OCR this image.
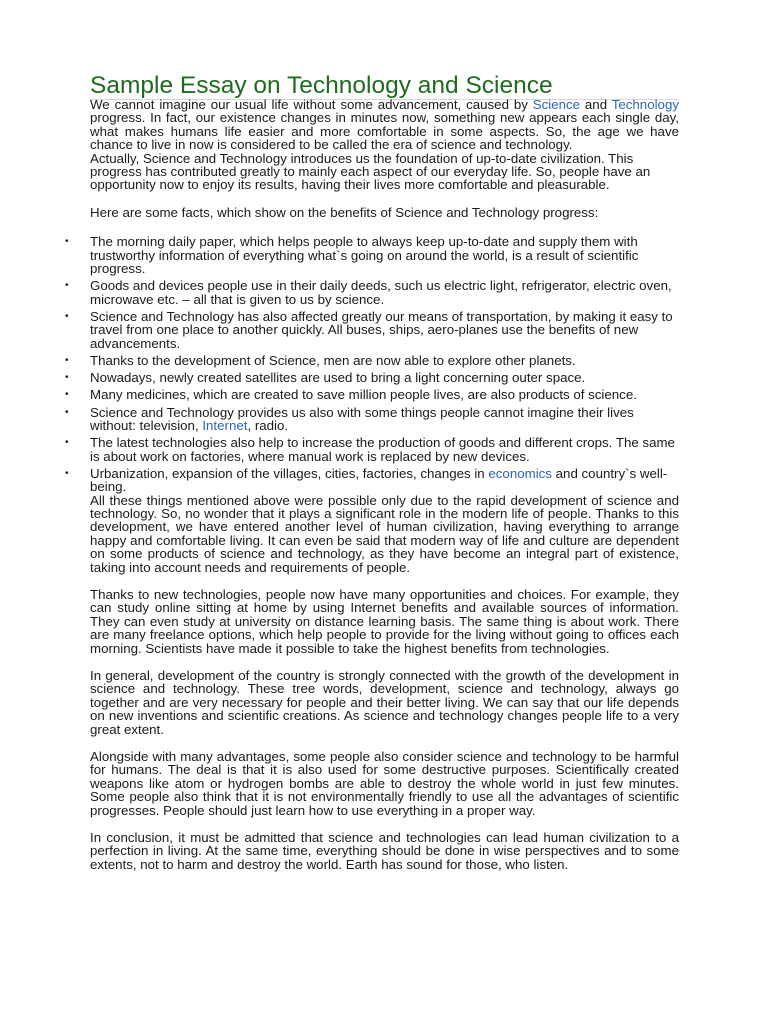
Sample Essay on Technology and Science

We cannot imagine our usual life without some advancement, caused by Science and Technology progress. In fact, our existence changes in minutes now, something new appears each single day, what makes humans life easier and more comfortable in some aspects. So, the age we have chance to live in now is considered to be called the era of science and technology.

Actually, Science and Technology introduces us the foundation of up-to-date civilization. This progress has contributed greatly to mainly each aspect of our everyday life. So, people have an opportunity now to enjoy its results, having their lives more comfortable and pleasurable.

Here are some facts, which show on the benefits of Science and Technology progress:

• The morning daily paper, which helps people to always keep up-to-date and supply them with trustworthy information of everything what`s going on around the world, is a result of scientific progress.
• Goods and devices people use in their daily deeds, such us electric light, refrigerator, electric oven, microwave etc. – all that is given to us by science.
• Science and Technology has also affected greatly our means of transportation, by making it easy to travel from one place to another quickly. All buses, ships, aero-planes use the benefits of new advancements.
• Thanks to the development of Science, men are now able to explore other planets.
• Nowadays, newly created satellites are used to bring a light concerning outer space.
• Many medicines, which are created to save million people lives, are also products of science.
• Science and Technology provides us also with some things people cannot imagine their lives without: television, Internet, radio.
• The latest technologies also help to increase the production of goods and different crops. The same is about work on factories, where manual work is replaced by new devices.
• Urbanization, expansion of the villages, cities, factories, changes in economics and country`s well-being.

All these things mentioned above were possible only due to the rapid development of science and technology. So, no wonder that it plays a significant role in the modern life of people. Thanks to this development, we have entered another level of human civilization, having everything to arrange happy and comfortable living. It can even be said that modern way of life and culture are dependent on some products of science and technology, as they have become an integral part of existence, taking into account needs and requirements of people.

Thanks to new technologies, people now have many opportunities and choices. For example, they can study online sitting at home by using Internet benefits and available sources of information. They can even study at university on distance learning basis. The same thing is about work. There are many freelance options, which help people to provide for the living without going to offices each morning. Scientists have made it possible to take the highest benefits from technologies.

In general, development of the country is strongly connected with the growth of the development in science and technology. These tree words, development, science and technology, always go together and are very necessary for people and their better living. We can say that our life depends on new inventions and scientific creations. As science and technology changes people life to a very great extent.

Alongside with many advantages, some people also consider science and technology to be harmful for humans. The deal is that it is also used for some destructive purposes. Scientifically created weapons like atom or hydrogen bombs are able to destroy the whole world in just few minutes. Some people also think that it is not environmentally friendly to use all the advantages of scientific progresses. People should just learn how to use everything in a proper way.

In conclusion, it must be admitted that science and technologies can lead human civilization to a perfection in living. At the same time, everything should be done in wise perspectives and to some extents, not to harm and destroy the world. Earth has sound for those, who listen.
